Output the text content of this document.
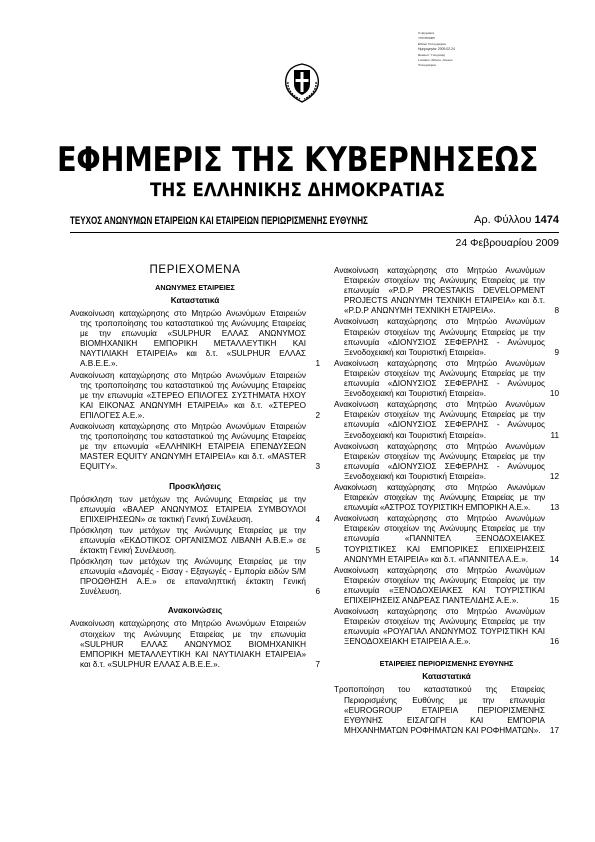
Ο ψηφιακός
ΥΠΟΓΡΑΦΗ
Εθνικό Τυπογραφείο
Ημερομηνία: 2009.02.24
Reason: Υπογραφή
Location: Athens, Greece
Τυπογραφείο
ΕΦΗΜΕΡΙΣ ΤΗΣ ΚΥΒΕΡΝΗΣΕΩΣ
ΤΗΣ ΕΛΛΗΝΙΚΗΣ ΔΗΜΟΚΡΑΤΙΑΣ
ΤΕΥΧΟΣ ΑΝΩΝΥΜΩΝ ΕΤΑΙΡΕΙΩΝ ΚΑΙ ΕΤΑΙΡΕΙΩΝ ΠΕΡΙΩΡΙΣΜΕΝΗΣ ΕΥΘΥΝΗΣ	Αρ. Φύλλου 1474
24 Φεβρουαρίου 2009
ΠΕΡΙΕΧΟΜΕΝΑ
ΑΝΩΝΥΜΕΣ ΕΤΑΙΡΕΙΕΣ
Καταστατικά
Ανακοίνωση καταχώρησης στο Μητρώο Ανωνύμων Εταιρειών της τροποποίησης του καταστατικού της Ανώνυμης Εταιρείας με την επωνυμία «SULPHUR ΕΛΛΑΣ ΑΝΩΝΥΜΟΣ ΒΙΟΜΗΧΑΝΙΚΗ ΕΜΠΟΡΙΚΗ ΜΕΤΑΛΛΕΥΤΙΚΗ ΚΑΙ ΝΑΥΤΙΛΙΑΚΗ ΕΤΑΙΡΕΙΑ» και δ.τ. «SULPHUR ΕΛΛΑΣ Α.Β.Ε.Ε.».	1
Ανακοίνωση καταχώρησης στο Μητρώο Ανωνύμων Εταιρειών της τροποποίησης του καταστατικού της Ανώνυμης Εταιρείας με την επωνυμία «ΣΤΕΡΕΟ ΕΠΙΛΟΓΕΣ ΣΥΣΤΗΜΑΤΑ ΗΧΟΥ ΚΑΙ ΕΙΚΟΝΑΣ ΑΝΩΝΥΜΗ ΕΤΑΙΡΕΙΑ» και δ.τ. «ΣΤΕΡΕΟ ΕΠΙΛΟΓΕΣ Α.Ε.».	2
Ανακοίνωση καταχώρησης στο Μητρώο Ανωνύμων Εταιρειών της τροποποίησης του καταστατικού της Ανώνυμης Εταιρείας με την επωνυμία «ΕΛΛΗΝΙΚΗ ΕΤΑΙΡΕΙΑ ΕΠΕΝΔΥΣΕΩΝ MASTER EQUITY ΑΝΩΝΥΜΗ ΕΤΑΙΡΕΙΑ» και δ.τ. «MASTER EQUITY».	3
Προσκλήσεις
Πρόσκληση των μετόχων της Ανώνυμης Εταιρείας με την επωνυμία «ΒΑΛΕΡ ΑΝΩΝΥΜΟΣ ΕΤΑΙΡΕΙΑ ΣΥΜΒΟΥΛΟΙ ΕΠΙΧΕΙΡΗΣΕΩΝ» σε τακτική Γενική Συνέλευση.	4
Πρόσκληση των μετόχων της Ανώνυμης Εταιρείας με την επωνυμία «ΕΚΔΟΤΙΚΟΣ ΟΡΓΑΝΙΣΜΟΣ ΛΙΒΑΝΗ Α.Β.Ε.» σε έκτακτη Γενική Συνέλευση.	5
Πρόσκληση των μετόχων της Ανώνυμης Εταιρείας με την επωνυμία «Δανομές - Εισαγ - Εξαγωγές - Εμπορία ειδών S/M ΠΡΟΩΘΗΣΗ Α.Ε.» σε επαναληπτική έκτακτη Γενική Συνέλευση.	6
Ανακοινώσεις
Ανακοίνωση καταχώρησης στο Μητρώο Ανωνύμων Εταιρειών στοιχείων της Ανώνυμης Εταιρείας με την επωνυμία «SULPHUR ΕΛΛΑΣ ΑΝΩΝΥΜΟΣ ΒΙΟΜΗΧΑΝΙΚΗ ΕΜΠΟΡΙΚΗ ΜΕΤΑΛΛΕΥΤΙΚΗ ΚΑΙ ΝΑΥΤΙΛΙΑΚΗ ΕΤΑΙΡΕΙΑ» και δ.τ. «SULPHUR ΕΛΛΑΣ Α.Β.Ε.Ε.».	7
Ανακοίνωση καταχώρησης στο Μητρώο Ανωνύμων Εταιρειών στοιχείων της Ανώνυμης Εταιρείας με την επωνυμία «P.D.P PROESTAKIS DEVELOPMENT PROJECTS ΑΝΩΝΥΜΗ ΤΕΧΝΙΚΗ ΕΤΑΙΡΕΙΑ» και δ.τ. «P.D.P ΑΝΩΝΥΜΗ ΤΕΧΝΙΚΗ ΕΤΑΙΡΕΙΑ».	8
Ανακοίνωση καταχώρησης στο Μητρώο Ανωνύμων Εταιρειών στοιχείων της Ανώνυμης Εταιρείας με την επωνυμία «ΔΙΟΝΥΣΙΟΣ ΣΕΦΕΡΛΗΣ - Ανώνυμος Ξενοδοχειακή και Τουριστική Εταιρεία».	9
Ανακοίνωση καταχώρησης στο Μητρώο Ανωνύμων Εταιρειών στοιχείων της Ανώνυμης Εταιρείας με την επωνυμία «ΔΙΟΝΥΣΙΟΣ ΣΕΦΕΡΛΗΣ - Ανώνυμος Ξενοδοχειακή και Τουριστική Εταιρεία».	10
Ανακοίνωση καταχώρησης στο Μητρώο Ανωνύμων Εταιρειών στοιχείων της Ανώνυμης Εταιρείας με την επωνυμία «ΔΙΟΝΥΣΙΟΣ ΣΕΦΕΡΛΗΣ - Ανώνυμος Ξενοδοχειακή και Τουριστική Εταιρεία».	11
Ανακοίνωση καταχώρησης στο Μητρώο Ανωνύμων Εταιρειών στοιχείων της Ανώνυμης Εταιρείας με την επωνυμία «ΔΙΟΝΥΣΙΟΣ ΣΕΦΕΡΛΗΣ - Ανώνυμος Ξενοδοχειακή και Τουριστική Εταιρεία».	12
Ανακοίνωση καταχώρησης στο Μητρώο Ανωνύμων Εταιρειών στοιχείων της Ανώνυμης Εταιρείας με την επωνυμία «ΑΣΤΡΟΣ ΤΟΥΡΙΣΤΙΚΗ ΕΜΠΟΡΙΚΗ Α.Ε.».	13
Ανακοίνωση καταχώρησης στο Μητρώο Ανωνύμων Εταιρειών στοιχείων της Ανώνυμης Εταιρείας με την επωνυμία «ΠΑΝΝΙΤΕΛ ΞΕΝΟΔΟΧΕΙΑΚΕΣ ΤΟΥΡΙΣΤΙΚΕΣ ΚΑΙ ΕΜΠΟΡΙΚΕΣ ΕΠΙΧΕΙΡΗΣΕΙΣ ΑΝΩΝΥΜΗ ΕΤΑΙΡΕΙΑ» και δ.τ. «ΠΑΝΝΙΤΕΛ Α.Ε.».	14
Ανακοίνωση καταχώρησης στο Μητρώο Ανωνύμων Εταιρειών στοιχείων της Ανώνυμης Εταιρείας με την επωνυμία «ΞΕΝΟΔΟΧΕΙΑΚΕΣ ΚΑΙ ΤΟΥΡΙΣΤΙΚΑΙ ΕΠΙΧΕΙΡΗΣΕΙΣ ΑΝΔΡΕΑΣ ΠΑΝΤΕΛΙΔΗΣ Α.Ε.».	15
Ανακοίνωση καταχώρησης στο Μητρώο Ανωνύμων Εταιρειών στοιχείων της Ανώνυμης Εταιρείας με την επωνυμία «ΡΟΥΑΓΙΑΛ ΑΝΩΝΥΜΟΣ ΤΟΥΡΙΣΤΙΚΗ ΚΑΙ ΞΕΝΟΔΟΧΕΙΑΚΗ ΕΤΑΙΡΕΙΑ Α.Ε.».	16
ΕΤΑΙΡΕΙΕΣ ΠΕΡΙΟΡΙΣΜΕΝΗΣ ΕΥΘΥΝΗΣ
Καταστατικά
Τροποποίηση του καταστατικού της Εταιρείας Περιορισμένης Ευθύνης με την επωνυμία «EUROGROUP ΕΤΑΙΡΕΙΑ ΠΕΡΙΟΡΙΣΜΕΝΗΣ ΕΥΘΥΝΗΣ ΕΙΣΑΓΩΓΗ ΚΑΙ ΕΜΠΟΡΙΑ ΜΗΧΑΝΗΜΑΤΩΝ ΡΟΦΗΜΑΤΩΝ ΚΑΙ ΡΟΦΗΜΑΤΩΝ».	17
